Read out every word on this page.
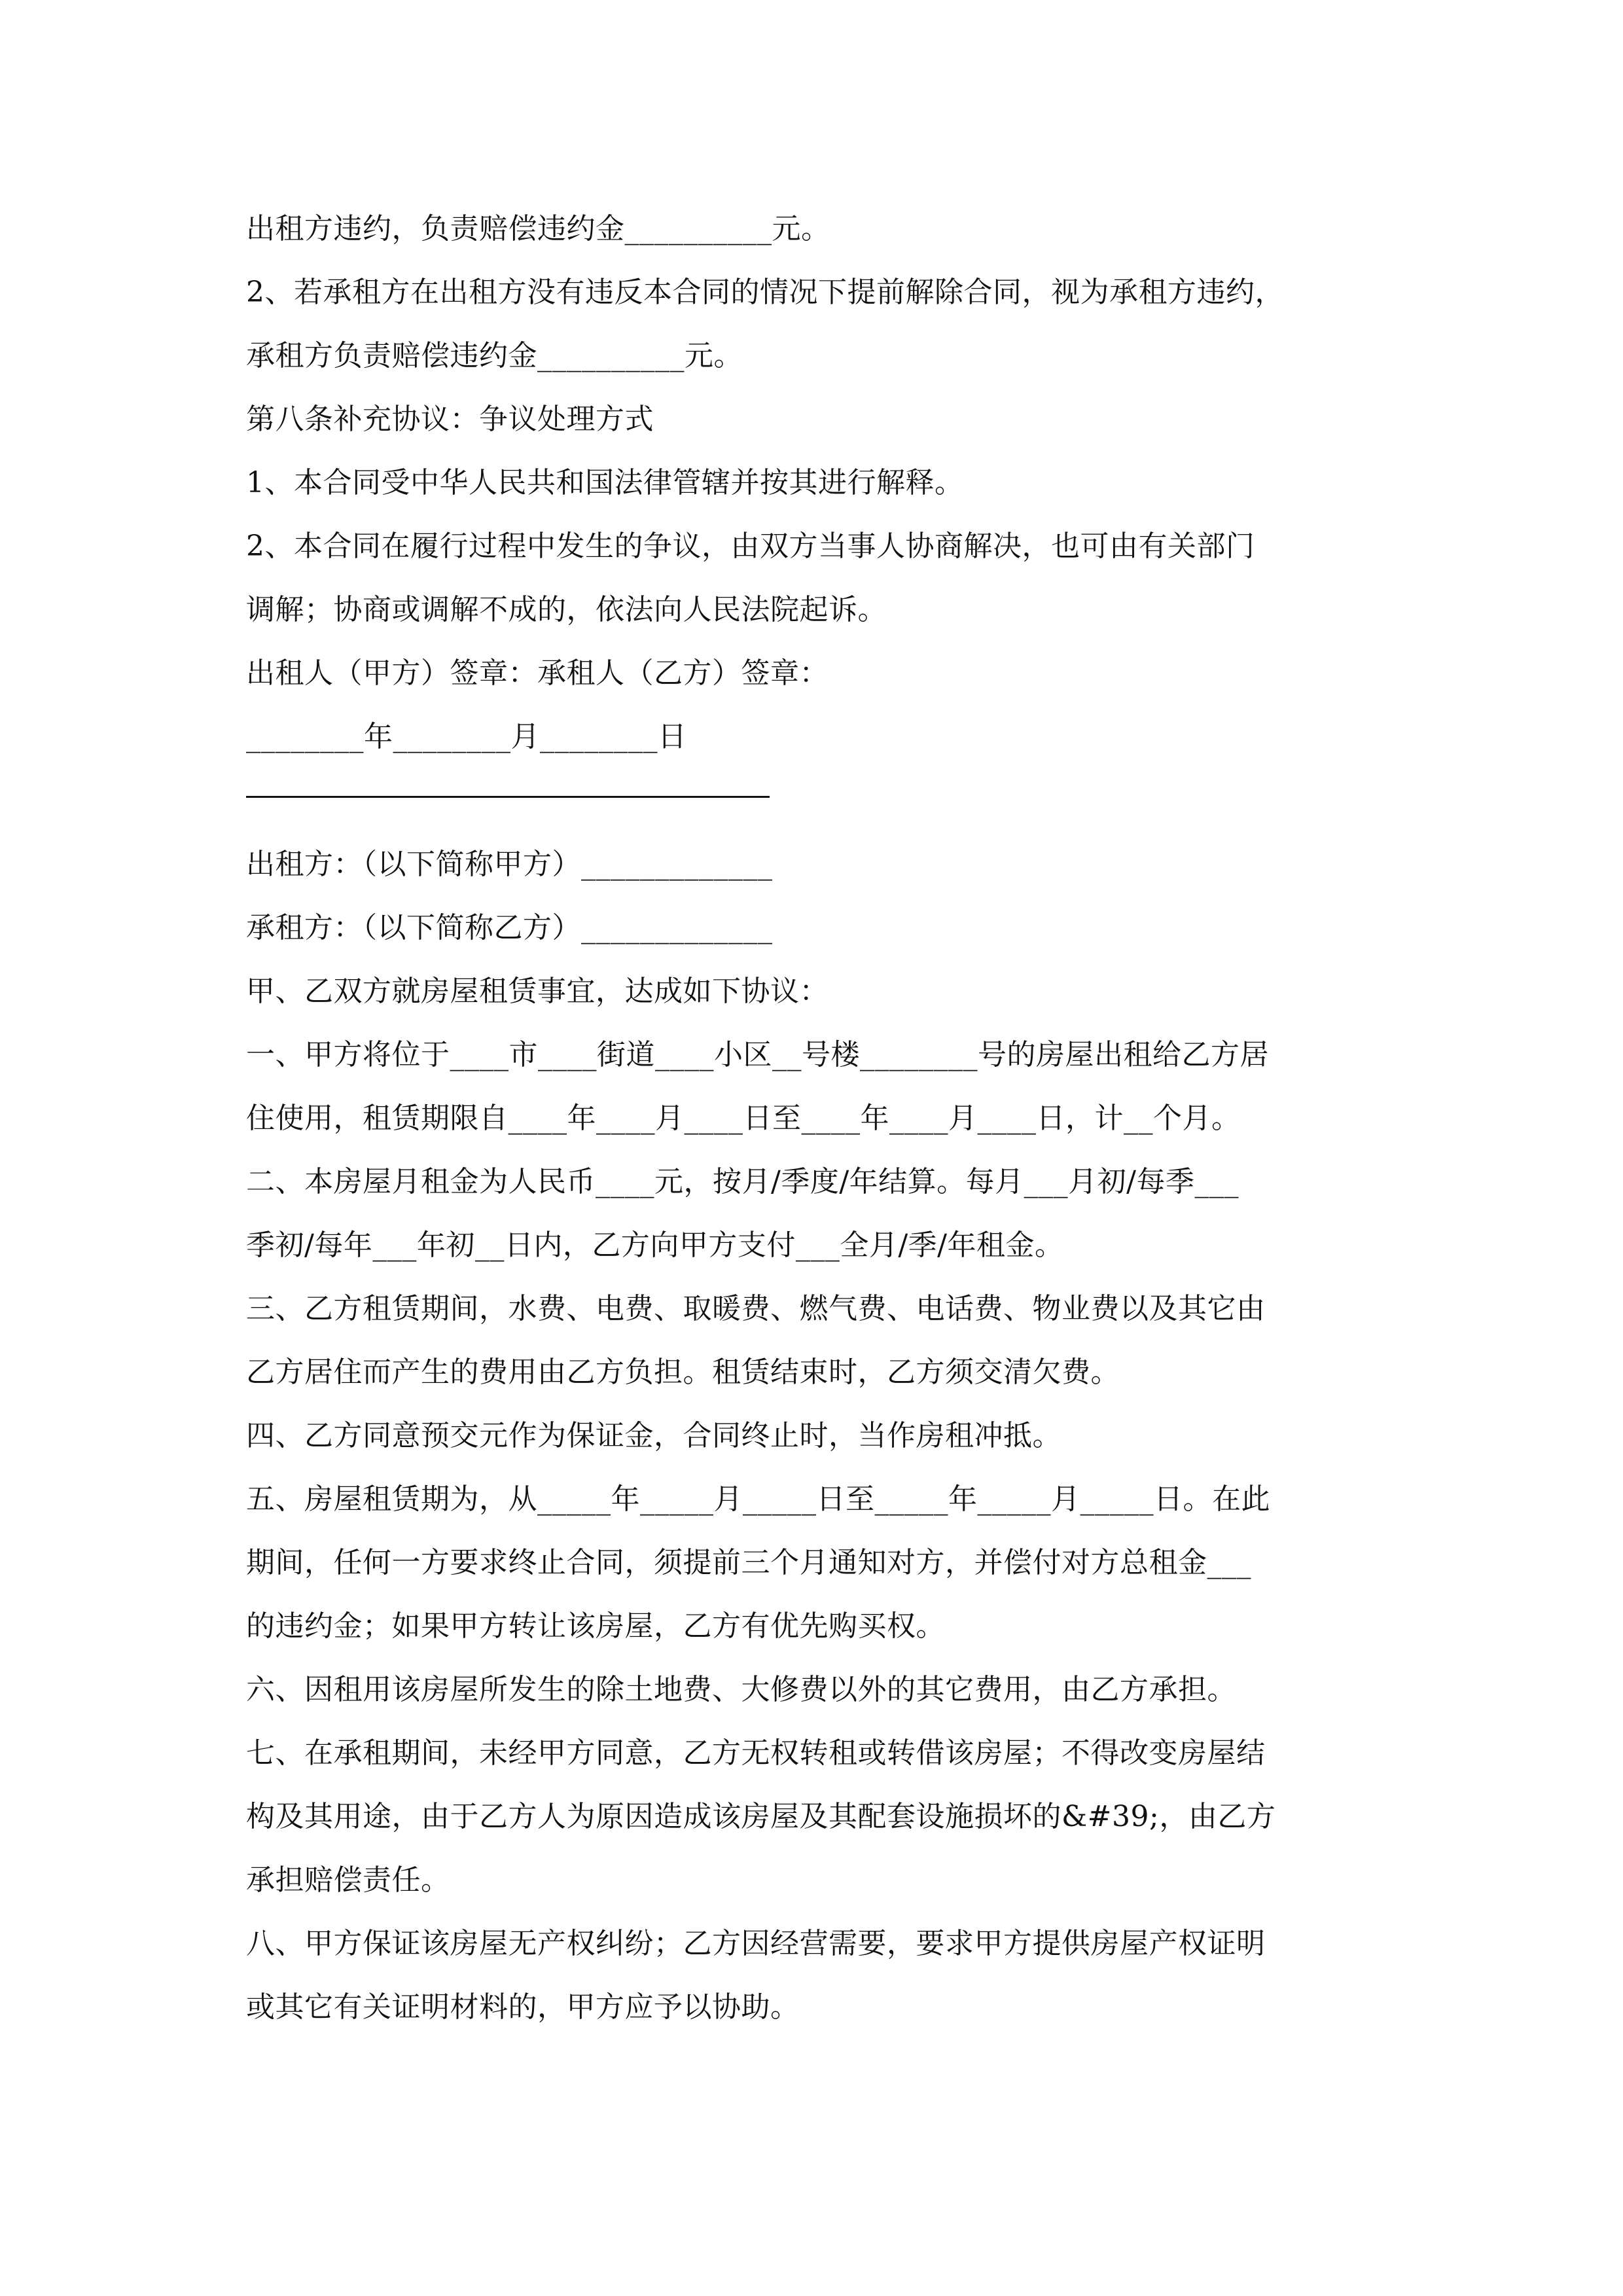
出租方违约，负责赔偿违约金__________元。
2、若承租方在出租方没有违反本合同的情况下提前解除合同，视为承租方违约，
承租方负责赔偿违约金__________元。
第八条补充协议：争议处理方式
1、本合同受中华人民共和国法律管辖并按其进行解释。
2、本合同在履行过程中发生的争议，由双方当事人协商解决，也可由有关部门
调解；协商或调解不成的，依法向人民法院起诉。
出租人（甲方）签章：承租人（乙方）签章：
________年________月________日
出租方：（以下简称甲方）_____________
承租方：（以下简称乙方）_____________
甲、乙双方就房屋租赁事宜，达成如下协议：
一、甲方将位于____市____街道____小区__号楼________号的房屋出租给乙方居
住使用，租赁期限自____年____月____日至____年____月____日，计__个月。
二、本房屋月租金为人民币____元，按月/季度/年结算。每月___月初/每季___
季初/每年___年初__日内，乙方向甲方支付___全月/季/年租金。
三、乙方租赁期间，水费、电费、取暖费、燃气费、电话费、物业费以及其它由
乙方居住而产生的费用由乙方负担。租赁结束时，乙方须交清欠费。
四、乙方同意预交元作为保证金，合同终止时，当作房租冲抵。
五、房屋租赁期为，从_____年_____月_____日至_____年_____月_____日。在此
期间，任何一方要求终止合同，须提前三个月通知对方，并偿付对方总租金___
的违约金；如果甲方转让该房屋，乙方有优先购买权。
六、因租用该房屋所发生的除土地费、大修费以外的其它费用，由乙方承担。
七、在承租期间，未经甲方同意，乙方无权转租或转借该房屋；不得改变房屋结
构及其用途，由于乙方人为原因造成该房屋及其配套设施损坏的&#39;，由乙方
承担赔偿责任。
八、甲方保证该房屋无产权纠纷；乙方因经营需要，要求甲方提供房屋产权证明
或其它有关证明材料的，甲方应予以协助。
